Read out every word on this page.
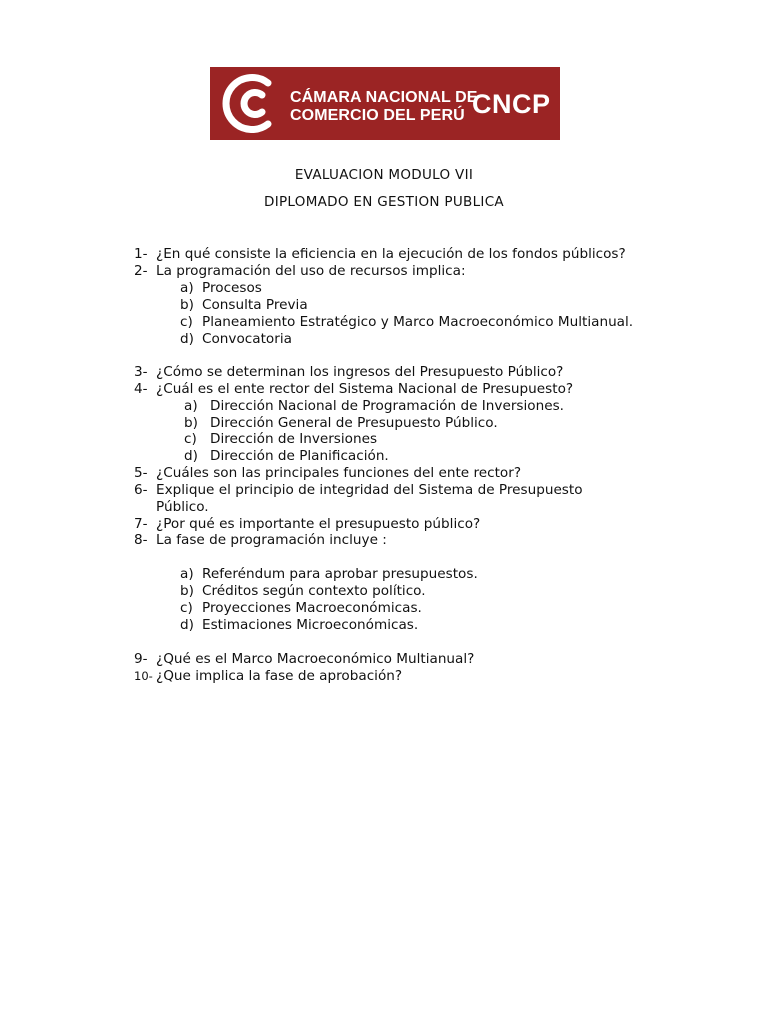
CÁMARA NACIONAL DE
COMERCIO DEL PERÚ CNCP
EVALUACION MODULO VII
DIPLOMADO EN GESTION PUBLICA
1- ¿En qué consiste la eficiencia en la ejecución de los fondos públicos?
2- La programación del uso de recursos implica:
a) Procesos
b) Consulta Previa
c) Planeamiento Estratégico y Marco Macroeconómico Multianual.
d) Convocatoria
3- ¿Cómo se determinan los ingresos del Presupuesto Público?
4- ¿Cuál es el ente rector del Sistema Nacional de Presupuesto?
a) Dirección Nacional de Programación de Inversiones.
b) Dirección General de Presupuesto Público.
c) Dirección de Inversiones
d) Dirección de Planificación.
5- ¿Cuáles son las principales funciones del ente rector?
6- Explique el principio de integridad del Sistema de Presupuesto
Público.
7- ¿Por qué es importante el presupuesto público?
8- La fase de programación incluye :
a) Referéndum para aprobar presupuestos.
b) Créditos según contexto político.
c) Proyecciones Macroeconómicas.
d) Estimaciones Microeconómicas.
9- ¿Qué es el Marco Macroeconómico Multianual?
10- ¿Que implica la fase de aprobación?
